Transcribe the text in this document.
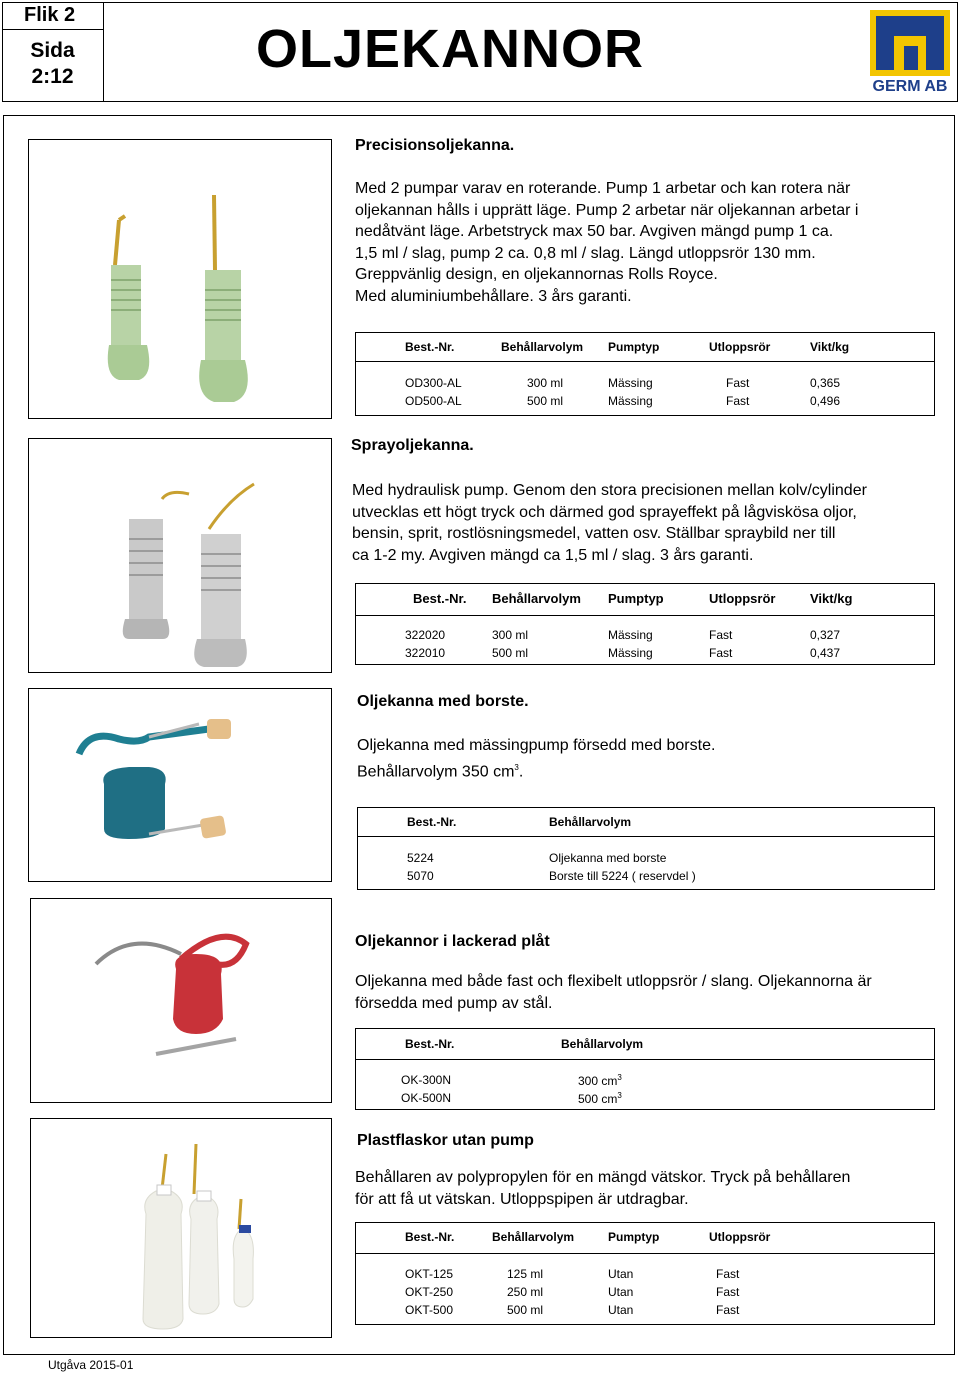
Flik 2
Sida
2:12	OLJEKANNOR
GERM AB
Precisionsoljekanna.
Med 2 pumpar varav en roterande. Pump 1 arbetar och kan rotera när
oljekannan hålls i upprätt läge. Pump 2 arbetar när oljekannan arbetar i
nedåtvänt läge. Arbetstryck max 50 bar. Avgiven mängd pump 1 ca.
1,5 ml / slag, pump 2 ca. 0,8 ml / slag. Längd utloppsrör 130 mm.
Greppvänlig design, en oljekannornas Rolls Royce.
Med aluminiumbehållare. 3 års garanti.
Best.-Nr.	Behållarvolym Pumptyp	Utloppsrör	Vikt/kg
OD300-AL	300 ml	Mässing	Fast	0,365
OD500-AL	500 ml	Mässing	Fast	0,496
Sprayoljekanna.
Med hydraulisk pump. Genom den stora precisionen mellan kolv/cylinder
utvecklas ett högt tryck och därmed god sprayeffekt på lågviskösa oljor,
bensin, sprit, rostlösningsmedel, vatten osv. Ställbar spraybild ner till
ca 1-2 my. Avgiven mängd ca 1,5 ml / slag. 3 års garanti.
Best.-Nr. Behållarvolym Pumptyp	Utloppsrör	Vikt/kg
322020	300 ml	Mässing	Fast	0,327
322010	500 ml	Mässing	Fast	0,437
Oljekanna med borste.
Oljekanna med mässingpump försedd med borste.
Behållarvolym 350 $cm^3$.
Best.-Nr.	Behållarvolym
5224	Oljekanna med borste
5070	Borste till 5224 ( reservdel )
Oljekannor i lackerad plåt
Oljekanna med både fast och flexibelt utloppsrör / slang. Oljekannorna är
försedda med pump av stål.
Best.-Nr.	Behållarvolym
OK-300N	300 $cm^3$
OK-500N	500 $cm^3$
Plastflaskor utan pump
Behållaren av polypropylen för en mängd vätskor. Tryck på behållaren
för att få ut vätskan. Utloppspipen är utdragbar.
Best.-Nr.	Behållarvolym	Pumptyp	Utloppsrör
OKT-125	125 ml	Utan	Fast
OKT-250	250 ml	Utan	Fast
OKT-500	500 ml	Utan	Fast
Utgåva 2015-01
